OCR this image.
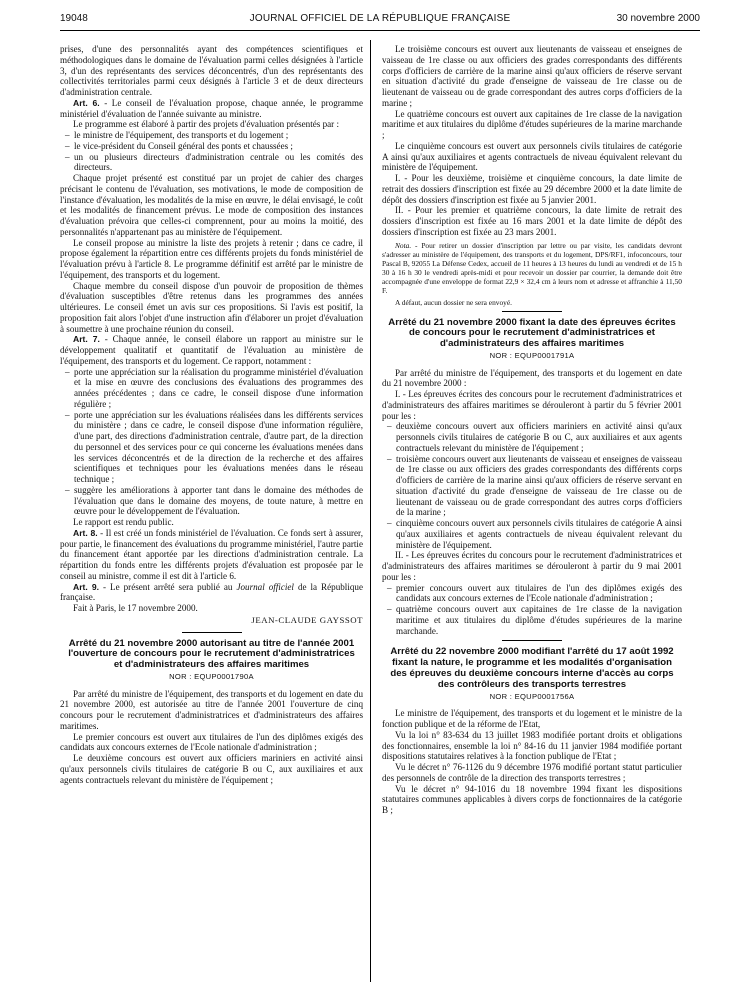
19048	JOURNAL OFFICIEL DE LA RÉPUBLIQUE FRANÇAISE	30 novembre 2000

prises, d'une des personnalités ayant des compétences scientifiques et méthodologiques dans le domaine de l'évaluation parmi celles désignées à l'article 3, d'un des représentants des services déconcentrés, d'un des représentants des collectivités territoriales parmi ceux désignés à l'article 3 et de deux directeurs d'administration centrale.

Art. 6. - Le conseil de l'évaluation propose, chaque année, le programme ministériel d'évaluation de l'année suivante au ministre.

Le programme est élaboré à partir des projets d'évaluation présentés par :

– le ministre de l'équipement, des transports et du logement ;
– le vice-président du Conseil général des ponts et chaussées ;
– un ou plusieurs directeurs d'administration centrale ou les comités des directeurs.

Chaque projet présenté est constitué par un projet de cahier des charges précisant le contenu de l'évaluation, ses motivations, le mode de composition de l'instance d'évaluation, les modalités de la mise en œuvre, le délai envisagé, le coût et les modalités de financement prévus. Le mode de composition des instances d'évaluation prévoira que celles-ci comprennent, pour au moins la moitié, des personnalités n'appartenant pas au ministère de l'équipement.

Le conseil propose au ministre la liste des projets à retenir ; dans ce cadre, il propose également la répartition entre ces différents projets du fonds ministériel de l'évaluation prévu à l'article 8. Le programme définitif est arrêté par le ministre de l'équipement, des transports et du logement.

Chaque membre du conseil dispose d'un pouvoir de proposition de thèmes d'évaluation susceptibles d'être retenus dans les programmes des années ultérieures. Le conseil émet un avis sur ces propositions. Si l'avis est positif, la proposition fait alors l'objet d'une instruction afin d'élaborer un projet d'évaluation à soumettre à une prochaine réunion du conseil.

Art. 7. - Chaque année, le conseil élabore un rapport au ministre sur le développement qualitatif et quantitatif de l'évaluation au ministère de l'équipement, des transports et du logement. Ce rapport, notamment :

– porte une appréciation sur la réalisation du programme ministériel d'évaluation et la mise en œuvre des conclusions des évaluations des programmes des années précédentes ; dans ce cadre, le conseil dispose d'une information régulière ;
– porte une appréciation sur les évaluations réalisées dans les différents services du ministère ; dans ce cadre, le conseil dispose d'une information régulière, d'une part, des directions d'administration centrale, d'autre part, de la direction du personnel et des services pour ce qui concerne les évaluations menées dans les services déconcentrés et de la direction de la recherche et des affaires scientifiques et techniques pour les évaluations menées dans le réseau technique ;
– suggère les améliorations à apporter tant dans le domaine des méthodes de l'évaluation que dans le domaine des moyens, de toute nature, à mettre en œuvre pour le développement de l'évaluation.

Le rapport est rendu public.

Art. 8. - Il est créé un fonds ministériel de l'évaluation. Ce fonds sert à assurer, pour partie, le financement des évaluations du programme ministériel, l'autre partie du financement étant apportée par les directions d'administration centrale. La répartition du fonds entre les différents projets d'évaluation est proposée par le conseil au ministre, comme il est dit à l'article 6.

Art. 9. - Le présent arrêté sera publié au Journal officiel de la République française.

Fait à Paris, le 17 novembre 2000.

JEAN-CLAUDE GAYSSOT
Arrêté du 21 novembre 2000 autorisant au titre de l'année 2001 l'ouverture de concours pour le recrutement d'administratrices et d'administrateurs des affaires maritimes
NOR : EQUP0001790A

Par arrêté du ministre de l'équipement, des transports et du logement en date du 21 novembre 2000, est autorisée au titre de l'année 2001 l'ouverture de cinq concours pour le recrutement d'administratrices et d'administrateurs des affaires maritimes.

Le premier concours est ouvert aux titulaires de l'un des diplômes exigés des candidats aux concours externes de l'Ecole nationale d'administration ;

Le deuxième concours est ouvert aux officiers mariniers en activité ainsi qu'aux personnels civils titulaires de catégorie B ou C, aux auxiliaires et aux agents contractuels relevant du ministère de l'équipement ;

Le troisième concours est ouvert aux lieutenants de vaisseau et enseignes de vaisseau de 1re classe ou aux officiers des grades correspondants des différents corps d'officiers de carrière de la marine ainsi qu'aux officiers de réserve servant en situation d'activité du grade d'enseigne de vaisseau de 1re classe ou de lieutenant de vaisseau ou de grade correspondant des autres corps d'officiers de la marine ;

Le quatrième concours est ouvert aux capitaines de 1re classe de la navigation maritime et aux titulaires du diplôme d'études supérieures de la marine marchande ;

Le cinquième concours est ouvert aux personnels civils titulaires de catégorie A ainsi qu'aux auxiliaires et agents contractuels de niveau équivalent relevant du ministère de l'équipement.

I. - Pour les deuxième, troisième et cinquième concours, la date limite de retrait des dossiers d'inscription est fixée au 29 décembre 2000 et la date limite de dépôt des dossiers d'inscription est fixée au 5 janvier 2001.

II. - Pour les premier et quatrième concours, la date limite de retrait des dossiers d'inscription est fixée au 16 mars 2001 et la date limite de dépôt des dossiers d'inscription est fixée au 23 mars 2001.

Nota. - Pour retirer un dossier d'inscription par lettre ou par visite, les candidats devront s'adresser au ministère de l'équipement, des transports et du logement, DPS/RF1, infoconcours, tour Pascal B, 92055 La Défense Cedex, accueil de 11 heures à 13 heures du lundi au vendredi et de 15 h 30 à 16 h 30 le vendredi après-midi et pour recevoir un dossier par courrier, la demande doit être accompagnée d'une enveloppe de format 22,9 × 32,4 cm à leurs nom et adresse et affranchie à 11,50 F.

A défaut, aucun dossier ne sera envoyé.

Arrêté du 21 novembre 2000 fixant la date des épreuves écrites de concours pour le recrutement d'administratrices et d'administrateurs des affaires maritimes
NOR : EQUP0001791A

Par arrêté du ministre de l'équipement, des transports et du logement en date du 21 novembre 2000 :

I. - Les épreuves écrites des concours pour le recrutement d'administratrices et d'administrateurs des affaires maritimes se dérouleront à partir du 5 février 2001 pour les :

– deuxième concours ouvert aux officiers mariniers en activité ainsi qu'aux personnels civils titulaires de catégorie B ou C, aux auxiliaires et aux agents contractuels relevant du ministère de l'équipement ;
– troisième concours ouvert aux lieutenants de vaisseau et enseignes de vaisseau de 1re classe ou aux officiers des grades correspondants des différents corps d'officiers de carrière de la marine ainsi qu'aux officiers de réserve servant en situation d'activité du grade d'enseigne de vaisseau de 1re classe ou de lieutenant de vaisseau ou de grade correspondant des autres corps d'officiers de la marine ;
– cinquième concours ouvert aux personnels civils titulaires de catégorie A ainsi qu'aux auxiliaires et agents contractuels de niveau équivalent relevant du ministère de l'équipement.

II. - Les épreuves écrites du concours pour le recrutement d'administratrices et d'administrateurs des affaires maritimes se dérouleront à partir du 9 mai 2001 pour les :

– premier concours ouvert aux titulaires de l'un des diplômes exigés des candidats aux concours externes de l'Ecole nationale d'administration ;
– quatrième concours ouvert aux capitaines de 1re classe de la navigation maritime et aux titulaires du diplôme d'études supérieures de la marine marchande.
Arrêté du 22 novembre 2000 modifiant l'arrêté du 17 août 1992 fixant la nature, le programme et les modalités d'organisation des épreuves du deuxième concours interne d'accès au corps des contrôleurs des transports terrestres
NOR : EQUP0001756A

Le ministre de l'équipement, des transports et du logement et le ministre de la fonction publique et de la réforme de l'Etat,

Vu la loi n° 83-634 du 13 juillet 1983 modifiée portant droits et obligations des fonctionnaires, ensemble la loi n° 84-16 du 11 janvier 1984 modifiée portant dispositions statutaires relatives à la fonction publique de l'Etat ;

Vu le décret n° 76-1126 du 9 décembre 1976 modifié portant statut particulier des personnels de contrôle de la direction des transports terrestres ;

Vu le décret n° 94-1016 du 18 novembre 1994 fixant les dispositions statutaires communes applicables à divers corps de fonctionnaires de la catégorie B ;
